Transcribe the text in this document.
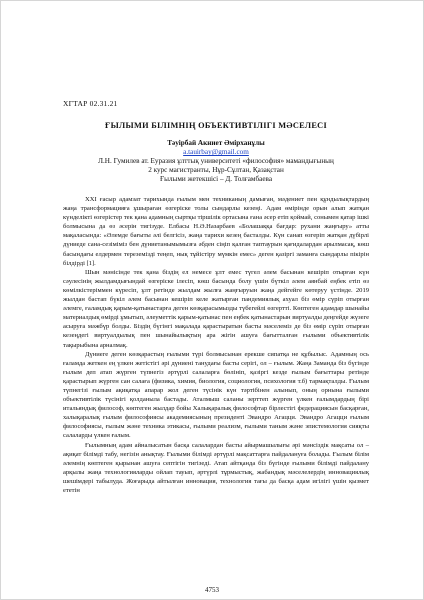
ХГТАР 02.31.21
ҒЫЛЫМИ БІЛІМНІҢ ОБЪЕКТИВТІЛІГІ МӘСЕЛЕСІ
Тәуірбай Акниет Әмірханұлы
a.tauirbay@gmail.com
Л.Н. Гумилев ат. Еуразия ұлттық университеті «философия» мамандығының
2 курс магистранты, Нұр-Сұлтан, Қазақстан
Ғылыми жетекшісі – Д. Толғамбаева

XXI ғасыр адамзат тарихында ғылым мен техниканың дамыған, мәдениет пен құндылықтардың жаңа трансформацияға ұшыраған өзгеріске толы сындарлы кезеңі. Адам өмірінде орын алып жатқан күнделікті өзгерістер тек қана адамның сыртқы тіршілік ортасына ғана әсер етіп қоймай, сонымен қатар ішкі болмысына да өз әсерін тигізуде. Елбасы Н.Ә.Назарбаев «Болашаққа бағдар: рухани жаңғыру» атты мақаласында: «Әлемде бағыты әлі белгісіз, жаңа тарихи кезең басталды. Күн санап өзгеріп жатқан дүбірлі дүниеде сана-сезіміміз бен дүниетанымымызға әбден сіңіп қалған таптаурын қағидалардан арылмасақ, көш басындағы елдермен тереземіздi теңеп, нық тұйістіру мүмкін емес» деген қазіргі заманға сындарлы пікірін білдірді [1].

Шын мәнісінде тек қана біздің ел немесе ұлт емес түгел әлем басынан кешіріп отырған күн сәулесінің жылдамдығындай өзгеріске ілесіп, көш басында болу үшін бүткіл әлем аянбай еңбек етіп өз көмілкістеріммен күресіп, ұлт ретінде жылдам жылға жаңғыруын жаңа дейгейге көтеруу үстінде. 2019 жылдан бастап бүкіл әлем басынан кешірiп келе жатырған пандемиялық ахуал біз өмір сүріп отырған әлемге, ғаламдық қарым-қатынастарға деген көзқарасымызды түбегейлі өзгертті. Көптеген адамдар шынайы материалдық өмірді ұмытып, әлеуметтік қарым-қатынас пен еңбек қатынастарын виртуалды деңгейде жүзеге асыруға мәжбүр болды. Біздің бүгінгі мақалада қарастыратын басты мәселеміз де біз өмір сүріп отырған кезеңдегі виртуалдылық пен шынайылықтың ара жігін ашуға бағытталған ғылыми объективтілік тақырыбына арналмақ.

Дүниеге деген көзқарастың ғылыми түрі болмысынан ерекше сипатқа не құбылыс. Адамның ось ғаламда жеткен ең үлкен жетістігі әрі дүниені танудағы басты серігі, ол – ғылым. Жаңа Заманда біз бүгінде ғылым деп атап жүрген түпнегіз әртүрлі салаларға бөлінiп, қазіргі кезде ғылым бағыттары ретінде қарастырып жүрген сан салаға (физика, химия, биология, социология, психология т.б) тармақталды. Ғылым түпнегізі ғылым ақиқатқа апарар жол деген түсінік күн тәртібінен алынып, оның орнына ғылыми объективтілік түсінігі қолданыла бастады. Аталмыш саланы зерттеп жүрген үлкен ғалымдардың бірі итальяндық философ, көптеген жылдар бойы Халықаралық философтар бірлестігі федерациясын басқарған, халықаралық ғылым философиясы академиясының президенті Эвандро Агацци. Эвандро Агацци ғылым философиясы, ғылым және техника этикасы, ғылыми реализм, ғылыми таным және эпистемология сияқты салаларды үлкен ғалым.

Ғылымның адам айналысатын басқа салалардан басты айырмашылығы әрі мәнсіздік мақсаты ол – ақиқат білімді табу, негізін анықтау. Ғылыми білімді әртүрлі мақсаттарға пайдалануға болады. Ғылым білім әлемнің көптеген қырынан ашуға септігін тигізеді. Атап айтқанда біз бүгінде ғылыми білімді пайдалану арқылы жаңа технологияларды ойлап тауып, әртүрлі тұрмыстық, жабандық мәселелердің инновациялық шешімдері табылуда. Жоғарыда айтылған инновация, технология тағы да басқа адам игілігі үшін қызмет ететін

4753
